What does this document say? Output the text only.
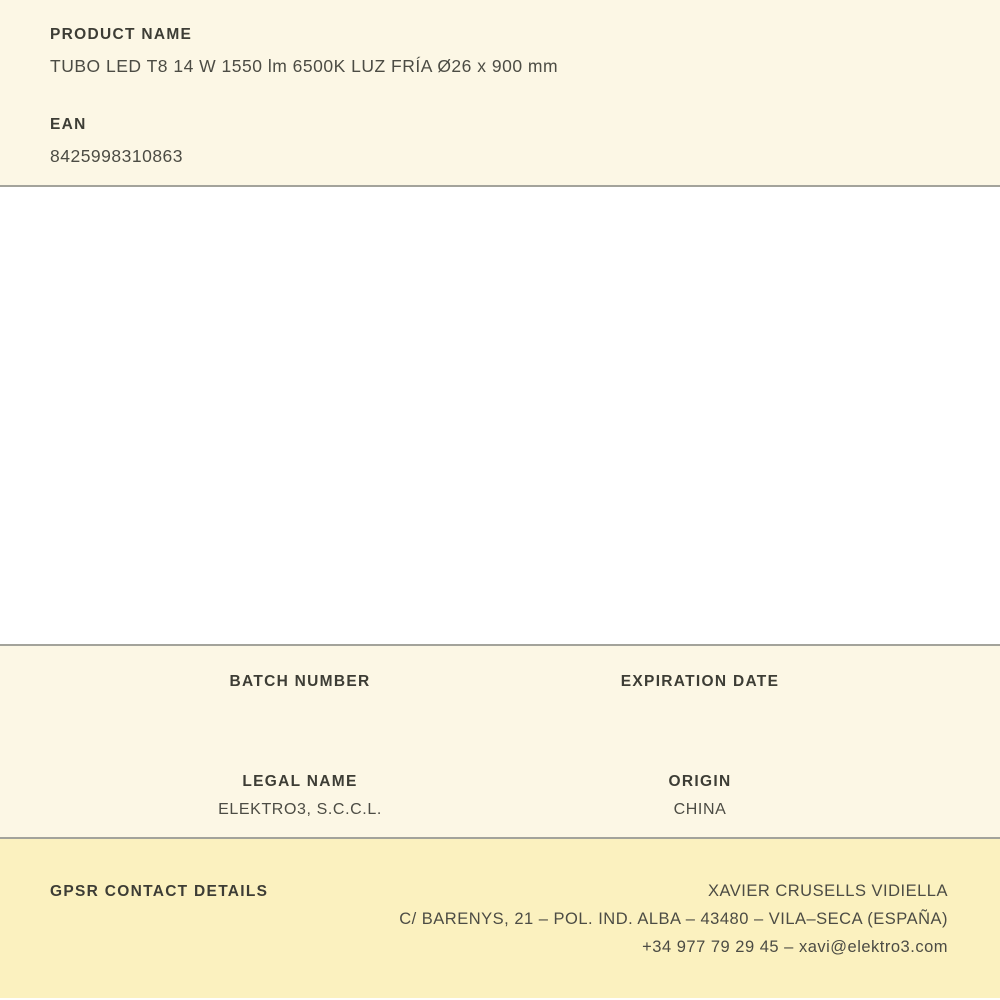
PRODUCT NAME
TUBO LED T8 14 W 1550 lm 6500K LUZ FRÍA Ø26 x 900 mm
EAN
8425998310863
BATCH NUMBER	EXPIRATION DATE
LEGAL NAME
ELEKTRO3, S.C.C.L.
ORIGIN
CHINA
GPSR CONTACT DETAILS	XAVIER CRUSELLS VIDIELLA
C/ BARENYS, 21 – POL. IND. ALBA – 43480 – VILA–SECA (ESPAÑA)
+34 977 79 29 45 – xavi@elektro3.com
